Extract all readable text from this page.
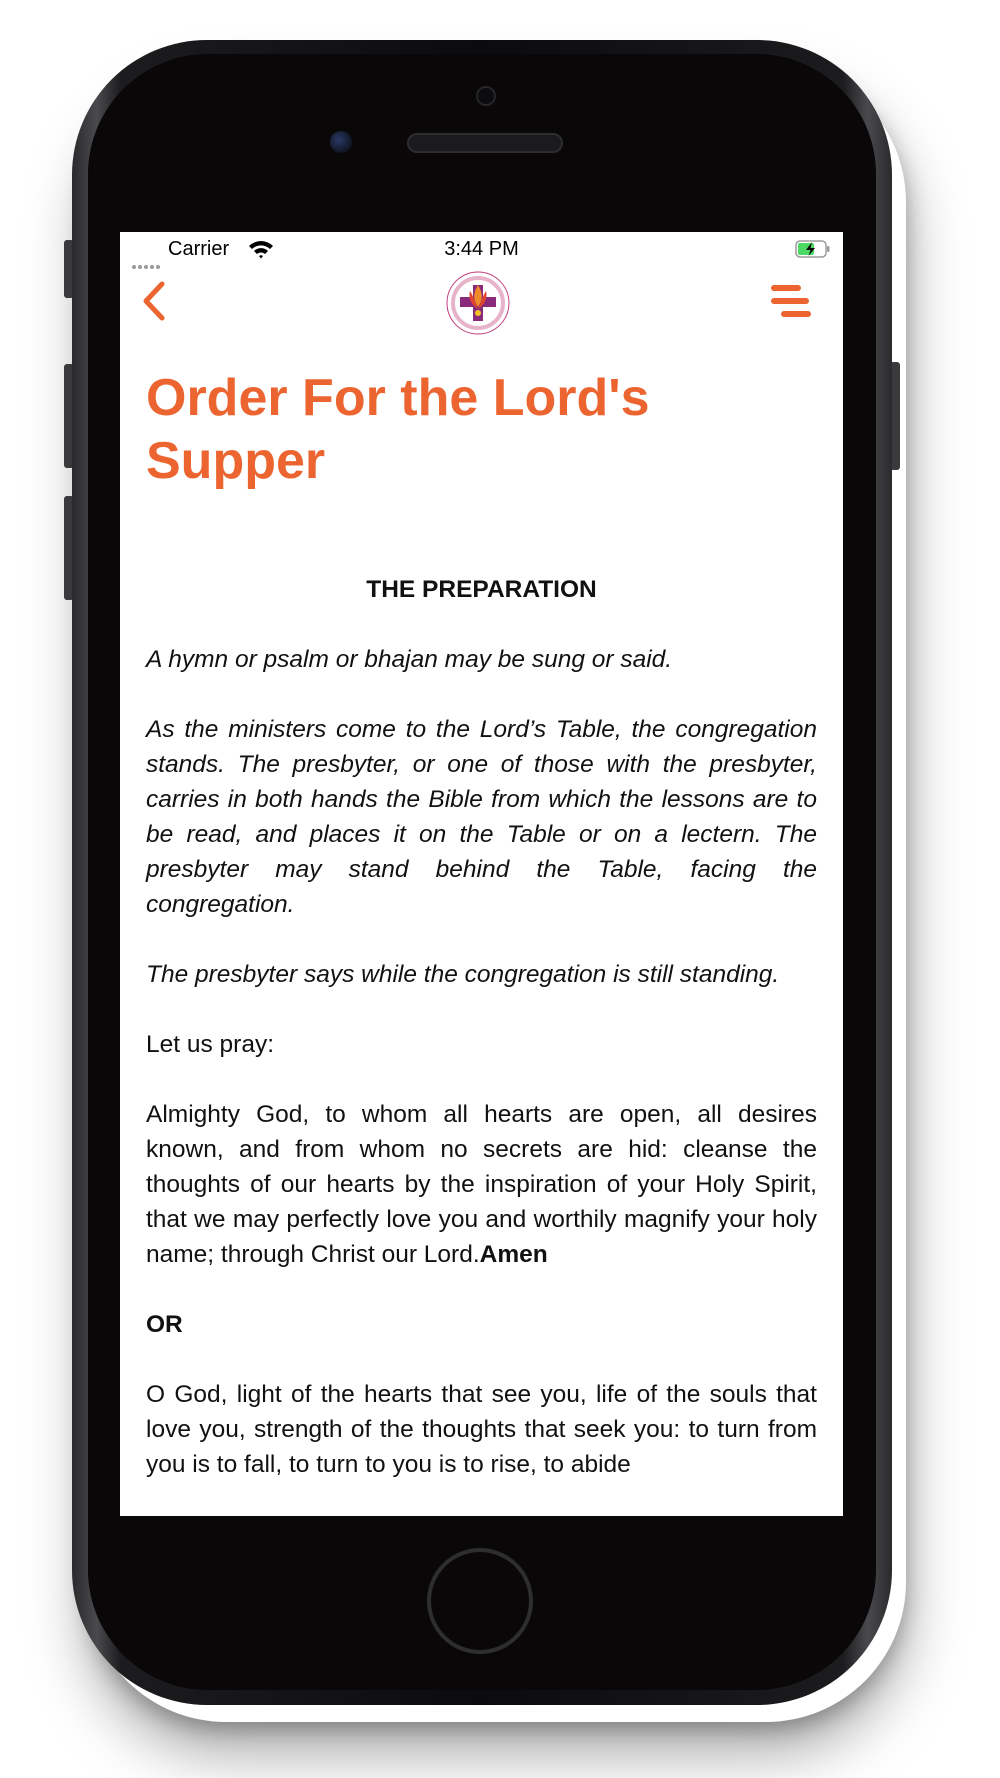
Carrier	3:44 PM
Order For the Lord's Supper

THE PREPARATION

A hymn or psalm or bhajan may be sung or said.

As the ministers come to the Lord’s Table, the congregation stands. The presbyter, or one of those with the presbyter, carries in both hands the Bible from which the lessons are to be read, and places it on the Table or on a lectern. The presbyter may stand behind the Table, facing the congregation.

The presbyter says while the congregation is still standing.

Let us pray:

Almighty God, to whom all hearts are open, all desires known, and from whom no secrets are hid: cleanse the thoughts of our hearts by the inspiration of your Holy Spirit, that we may perfectly love you and worthily magnify your holy name; through Christ our Lord.Amen

OR

O God, light of the hearts that see you, life of the souls that love you, strength of the thoughts that seek you: to turn from you is to fall, to turn to you is to rise, to abide
